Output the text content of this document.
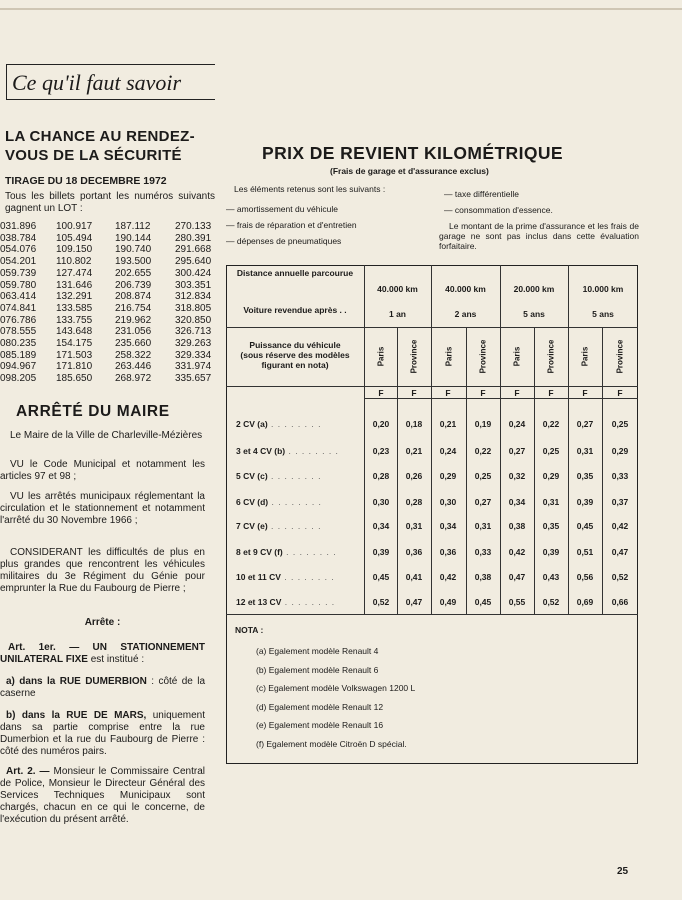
Ce qu'il faut savoir
LA CHANCE AU RENDEZ-VOUS DE LA SÉCURITÉ
TIRAGE DU 18 DECEMBRE 1972
Tous les billets portant les numéros suivants gagnent un LOT :
031.896	100.917	187.112	270.133
038.784	105.494	190.144	280.391
054.076	109.150	190.740	291.668
054.201	110.802	193.500	295.640
059.739	127.474	202.655	300.424
059.780	131.646	206.739	303.351
063.414	132.291	208.874	312.834
074.841	133.585	216.754	318.805
076.786	133.755	219.962	320.850
078.555	143.648	231.056	326.713
080.235	154.175	235.660	329.263
085.189	171.503	258.322	329.334
094.967	171.810	263.446	331.974
098.205	185.650	268.972	335.657
ARRÊTÉ DU MAIRE
Le Maire de la Ville de Charleville-Mézières
VU le Code Municipal et notamment les articles 97 et 98 ;
VU les arrêtés municipaux réglementant la circulation et le stationnement et notamment l'arrêté du 30 Novembre 1966 ;
CONSIDERANT les difficultés de plus en plus grandes que rencontrent les véhicules militaires du 3e Régiment du Génie pour emprunter la Rue du Faubourg de Pierre ;
Arrête :
Art. 1er. — UN STATIONNEMENT UNILATERAL FIXE est institué :
a) dans la RUE DUMERBION : côté de la caserne
b) dans la RUE DE MARS, uniquement dans sa partie comprise entre la rue Dumerbion et la rue du Faubourg de Pierre : côté des numéros pairs.
Art. 2. — Monsieur le Commissaire Central de Police, Monsieur le Directeur Général des Services Techniques Municipaux sont chargés, chacun en ce qui le concerne, de l'exécution du présent arrêté.
PRIX DE REVIENT KILOMÉTRIQUE
(Frais de garage et d'assurance exclus)
Les éléments retenus sont les suivants :
— amortissement du véhicule
— frais de réparation et d'entretien
— dépenses de pneumatiques
— taxe différentielle
— consommation d'essence.
Le montant de la prime d'assurance et les frais de garage ne sont pas inclus dans cette évaluation forfaitaire.
Distance annuelle parcourue
Voiture revendue après . .
Puissance du véhicule
(sous réserve des modèles
figurant en nota)
40.000 km
1 an
Paris	Province
40.000 km
2 ans
Paris	Province
20.000 km
5 ans
Paris	Province
10.000 km
5 ans
Paris	Province
F	F	F	F	F	F	F	F
2 CV (a) . . . . . . . .	0,20	0,18	0,21	0,19	0,24	0,22	0,27	0,25
3 et 4 CV (b) . . . . . . . .	0,23	0,21	0,24	0,22	0,27	0,25	0,31	0,29
5 CV (c) . . . . . . . .	0,28	0,26	0,29	0,25	0,32	0,29	0,35	0,33
6 CV (d) . . . . . . . .	0,30	0,28	0,30	0,27	0,34	0,31	0,39	0,37
7 CV (e) . . . . . . . .	0,34	0,31	0,34	0,31	0,38	0,35	0,45	0,42
8 et 9 CV (f) . . . . . . . .	0,39	0,36	0,36	0,33	0,42	0,39	0,51	0,47
10 et 11 CV . . . . . . . .	0,45	0,41	0,42	0,38	0,47	0,43	0,56	0,52
12 et 13 CV . . . . . . . .	0,52	0,47	0,49	0,45	0,55	0,52	0,69	0,66
NOTA :
(a) Egalement modèle Renault 4
(b) Egalement modèle Renault 6
(c) Egalement modèle Volkswagen 1200 L
(d) Egalement modèle Renault 12
(e) Egalement modèle Renault 16
(f) Egalement modèle Citroën D spécial.
25
